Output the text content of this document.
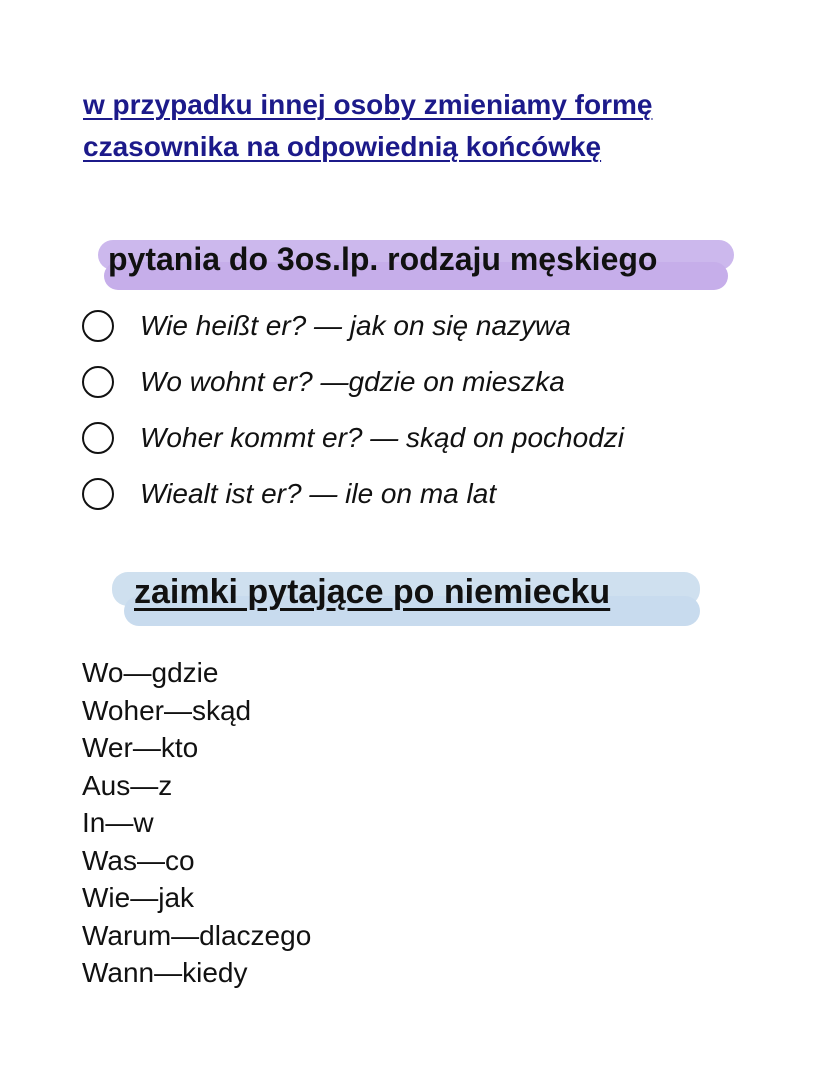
w przypadku innej osoby zmieniamy formę czasownika na odpowiednią końcówkę

pytania do 3os.lp. rodzaju męskiego
Wie heißt er? — jak on się nazywa
Wo wohnt er? —gdzie on mieszka
Woher kommt er? — skąd on pochodzi
Wiealt ist er? — ile on ma lat
zaimki pytające po niemiecku
Wo—gdzie
Woher—skąd
Wer—kto
Aus—z
In—w
Was—co
Wie—jak
Warum—dlaczego
Wann—kiedy
